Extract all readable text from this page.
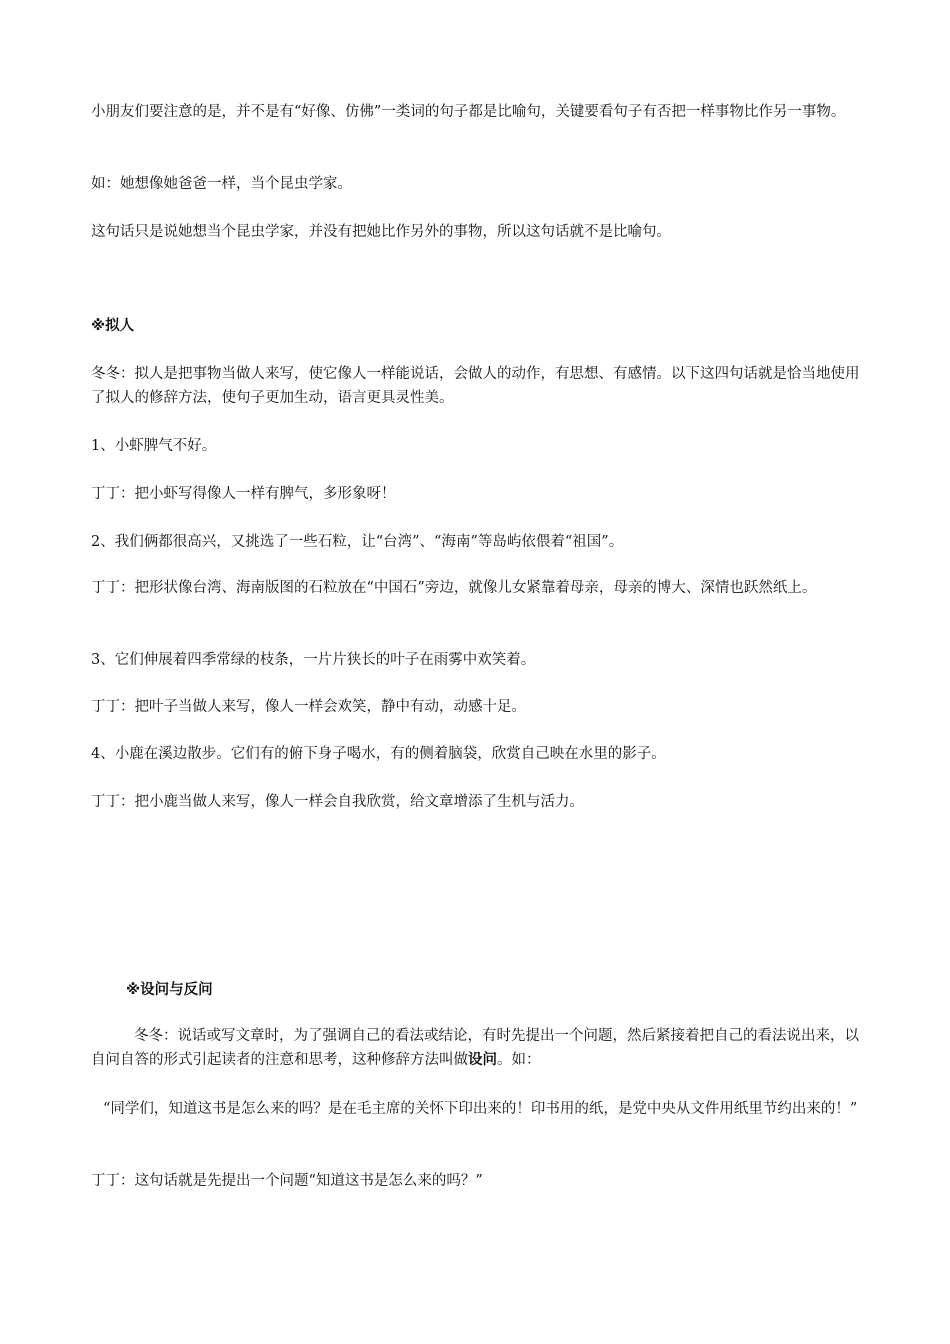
小朋友们要注意的是，并不是有“好像、仿佛”一类词的句子都是比喻句，关键要看句子有否把一样事物比作另一事物。

如：她想像她爸爸一样，当个昆虫学家。

这句话只是说她想当个昆虫学家，并没有把她比作另外的事物，所以这句话就不是比喻句。

※拟人

冬冬：拟人是把事物当做人来写，使它像人一样能说话，会做人的动作，有思想、有感情。以下这四句话就是恰当地使用了拟人的修辞方法，使句子更加生动，语言更具灵性美。

1、小虾脾气不好。

丁丁：把小虾写得像人一样有脾气，多形象呀！

2、我们俩都很高兴，又挑选了一些石粒，让“台湾”、“海南”等岛屿依偎着“祖国”。

丁丁：把形状像台湾、海南版图的石粒放在“中国石”旁边，就像儿女紧靠着母亲，母亲的博大、深情也跃然纸上。

3、它们伸展着四季常绿的枝条，一片片狭长的叶子在雨雾中欢笑着。

丁丁：把叶子当做人来写，像人一样会欢笑，静中有动，动感十足。

4、小鹿在溪边散步。它们有的俯下身子喝水，有的侧着脑袋，欣赏自己映在水里的影子。

丁丁：把小鹿当做人来写，像人一样会自我欣赏，给文章增添了生机与活力。

※设问与反问

冬冬：说话或写文章时，为了强调自己的看法或结论，有时先提出一个问题，然后紧接着把自己的看法说出来，以自问自答的形式引起读者的注意和思考，这种修辞方法叫做设问。如：

“同学们，知道这书是怎么来的吗？是在毛主席的关怀下印出来的！印书用的纸，是党中央从文件用纸里节约出来的！”

丁丁：这句话就是先提出一个问题“知道这书是怎么来的吗？”
